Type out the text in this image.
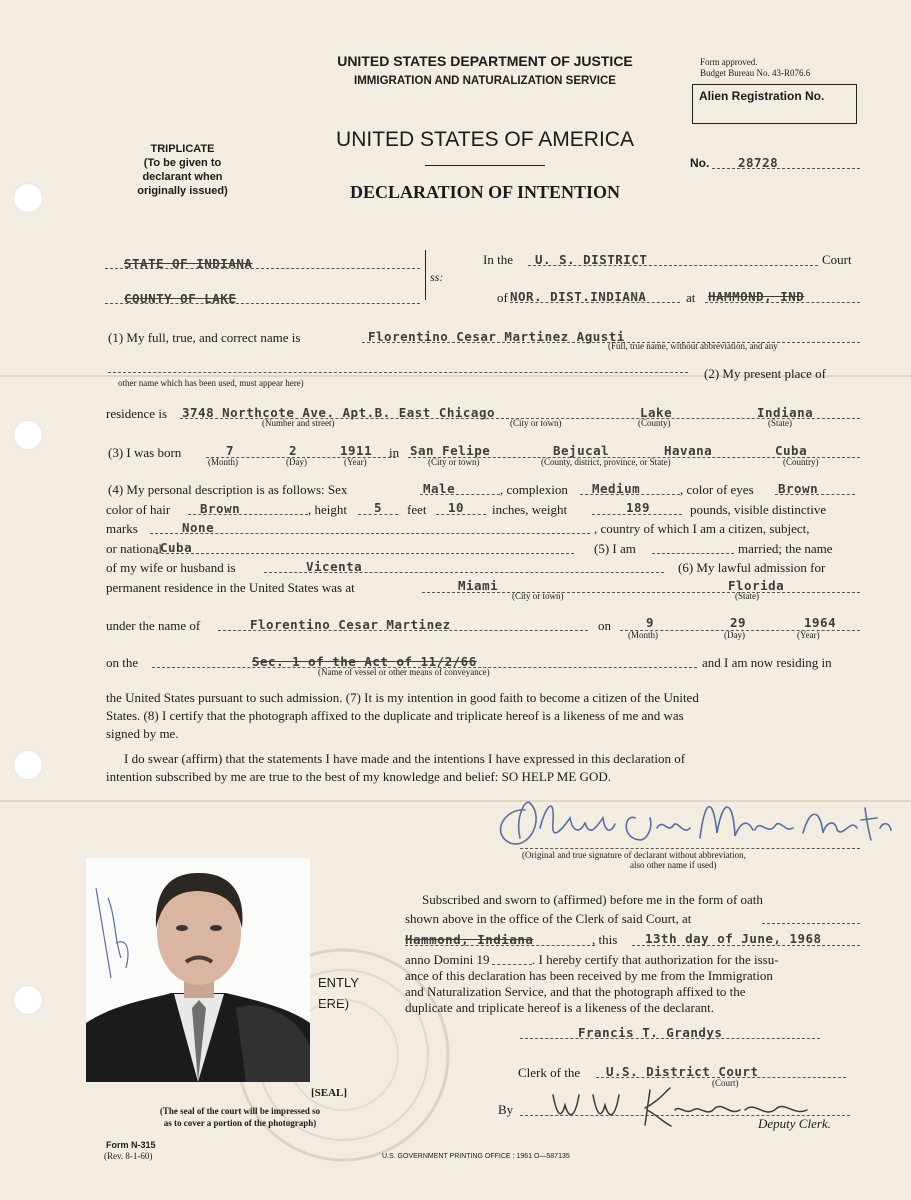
UNITED STATES DEPARTMENT OF JUSTICE
IMMIGRATION AND NATURALIZATION SERVICE
Form approved.
Budget Bureau No. 43-R076.6
Alien Registration No.
TRIPLICATE
(To be given to
declarant when
originally issued)
UNITED STATES OF AMERICA
DECLARATION OF INTENTION
No. 28728
STATE OF INDIANA
COUNTY OF LAKE
ss:
In the U. S. DISTRICT	Court
of NOR. DIST.INDIANA	at HAMMOND, IND
(1) My full, true, and correct name is	Florentino Cesar Martinez Agusti
(Full, true name, without abbreviation, and any
other name which has been used, must appear here)
(2) My present place of
residence is 3748 Northcote Ave. Apt.B. East Chicago	Lake	Indiana
(Number and street)	(City or town)	(County)	(State)
(3) I was born	7	2	1911 in San Felipe	Bejucal	Havana	Cuba
(Month)	(Day)	(Year)	(City or town)	(County, district, province, or State)	(Country)
(4) My personal description is as follows: Sex	Male	, complexion Medium	, color of eyes Brown
color of hair Brown	, height 5 feet 10 inches, weight	189	pounds, visible distinctive
marks	None	, country of which I am a citizen, subject,
or national
Cuba	(5) I am	married; the name
of my wife or husband is	Vicenta	(6) My lawful admission for
permanent residence in the United States was at	Miami	Florida
(City or town)	(State)
under the name of	Florentino Cesar Martinez	on	9	29	1964
(Month)	(Day)	(Year)
on the	Sec. 1 of the Act of 11/2/66
(Name of vessel or other means of conveyance)
and I am now residing in
the United States pursuant to such admission. (7) It is my intention in good faith to become a citizen of the United
States. (8) I certify that the photograph affixed to the duplicate and triplicate hereof is a likeness of me and was
signed by me.
I do swear (affirm) that the statements I have made and the intentions I have expressed in this declaration of
intention subscribed by me are true to the best of my knowledge and belief: SO HELP ME GOD.
(Original and true signature of declarant without abbreviation,
also other name if used)
ENTLY
ERE)
[SEAL]
(The seal of the court will be impressed so
as to cover a portion of the photograph)
Subscribed and sworn to (affirmed) before me in the form of oath
shown above in the office of the Clerk of said Court, at
Hammond, Indiana	, this 13th day of June, 1968
anno Domini 19	. I hereby certify that authorization for the issu-
ance of this declaration has been received by me from the Immigration
and Naturalization Service, and that the photograph affixed to the
duplicate and triplicate hereof is a likeness of the declarant.
Francis T. Grandys
Clerk of the U.S. District Court
(Court)
By
Deputy Clerk.
Form N-315
(Rev. 8-1-60)	U.S. GOVERNMENT PRINTING OFFICE : 1961 O—587135
